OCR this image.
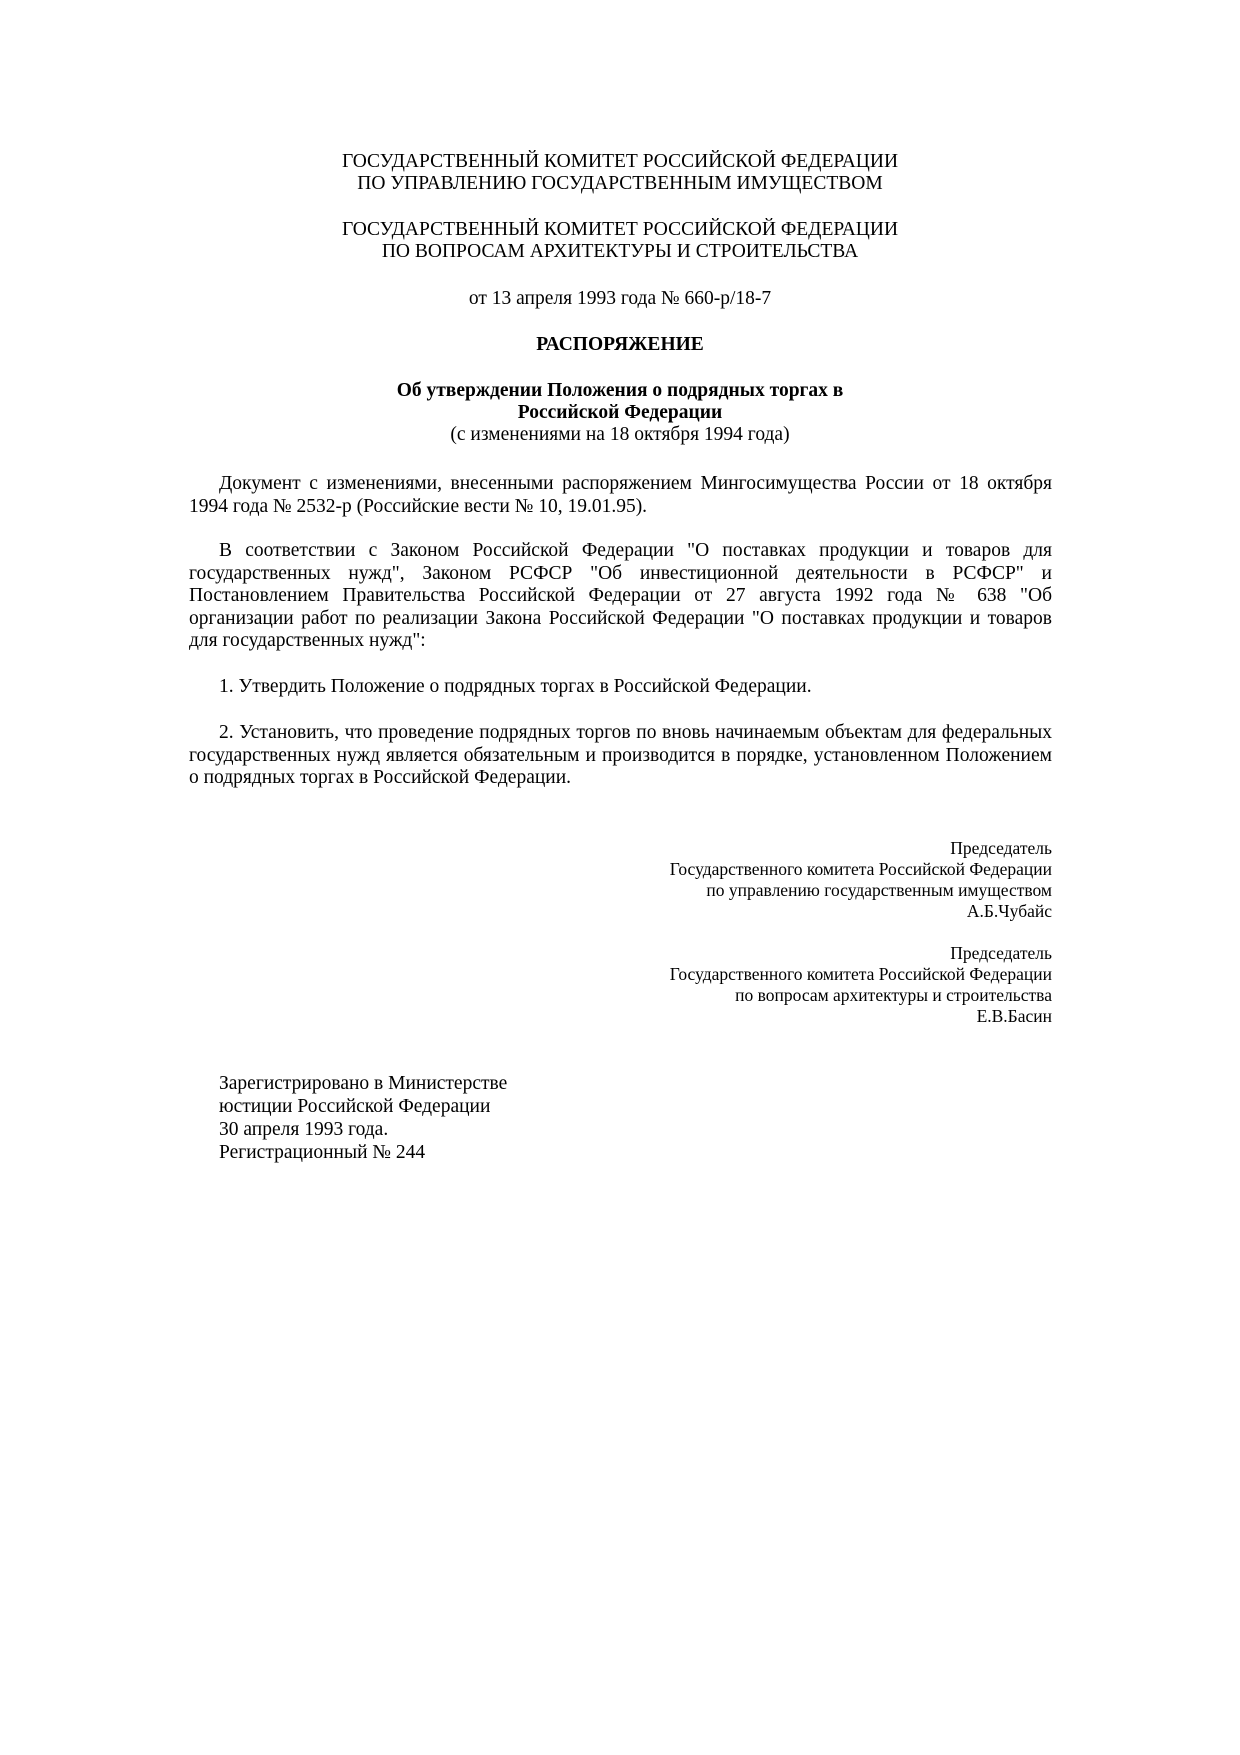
ГОСУДАРСТВЕННЫЙ КОМИТЕТ РОССИЙСКОЙ ФЕДЕРАЦИИ

ПО УПРАВЛЕНИЮ ГОСУДАРСТВЕННЫМ ИМУЩЕСТВОМ

ГОСУДАРСТВЕННЫЙ КОМИТЕТ РОССИЙСКОЙ ФЕДЕРАЦИИ

ПО ВОПРОСАМ АРХИТЕКТУРЫ И СТРОИТЕЛЬСТВА

от 13 апреля 1993 года № 660-р/18-7

РАСПОРЯЖЕНИЕ

Об утверждении Положения о подрядных торгах в

Российской Федерации

(с изменениями на 18 октября 1994 года)

Документ с изменениями, внесенными распоряжением Мингосимущества России от 18 октября 1994 года № 2532-р (Российские вести № 10, 19.01.95).

В соответствии с Законом Российской Федерации "О поставках продукции и товаров для государственных нужд", Законом РСФСР "Об инвестиционной деятельности в РСФСР" и Постановлением Правительства Российской Федерации от 27 августа 1992 года № 638 "Об организации работ по реализации Закона Российской Федерации "О поставках продукции и товаров для государственных нужд":

1. Утвердить Положение о подрядных торгах в Российской Федерации.

2. Установить, что проведение подрядных торгов по вновь начинаемым объектам для федеральных государственных нужд является обязательным и производится в порядке, установленном Положением о подрядных торгах в Российской Федерации.

Председатель

Государственного комитета Российской Федерации

по управлению государственным имуществом

А.Б.Чубайс

Председатель

Государственного комитета Российской Федерации

по вопросам архитектуры и строительства

Е.В.Басин

Зарегистрировано в Министерстве

юстиции Российской Федерации

30 апреля 1993 года.

Регистрационный № 244
